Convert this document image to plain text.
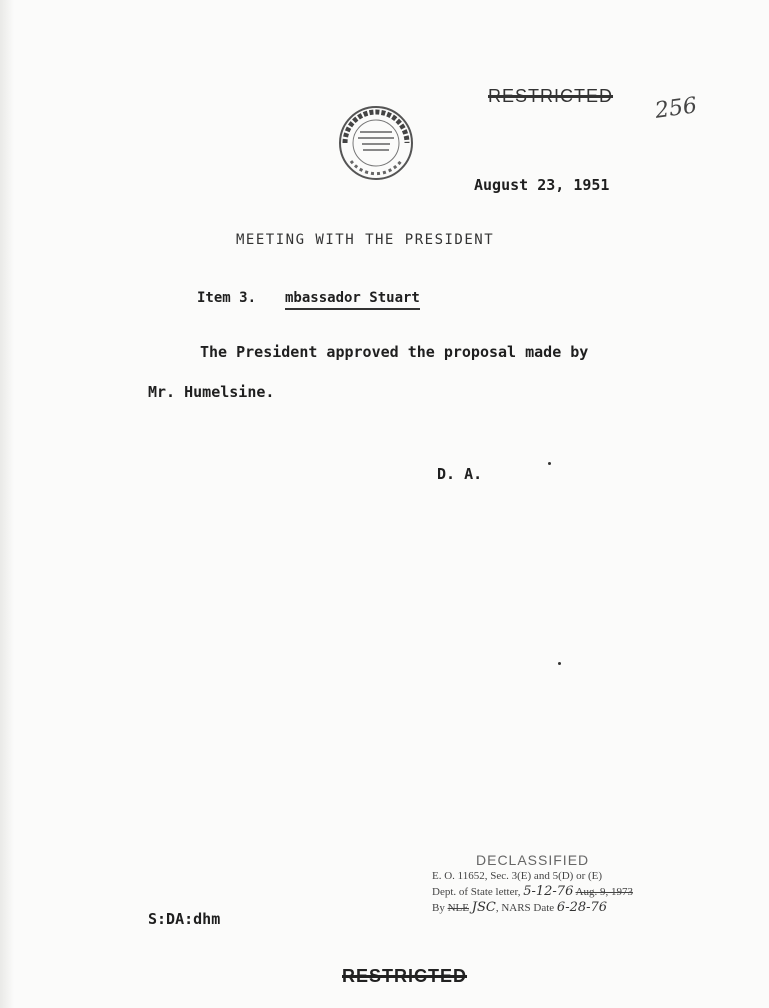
RESTRICTED 256
August 23, 1951
MEETING WITH THE PRESIDENT
Item 3. mbassador Stuart
The President approved the proposal made by
Mr. Humelsine.
D. A.
DECLASSIFIED
E. O. 11652, Sec. 3(E) and 5(D) or (E)
Dept. of State letter, 5-12-76 Aug. 9, 1973
By NLE JSC, NARS Date 6-28-76
S:DA:dhm
RESTRICTED
